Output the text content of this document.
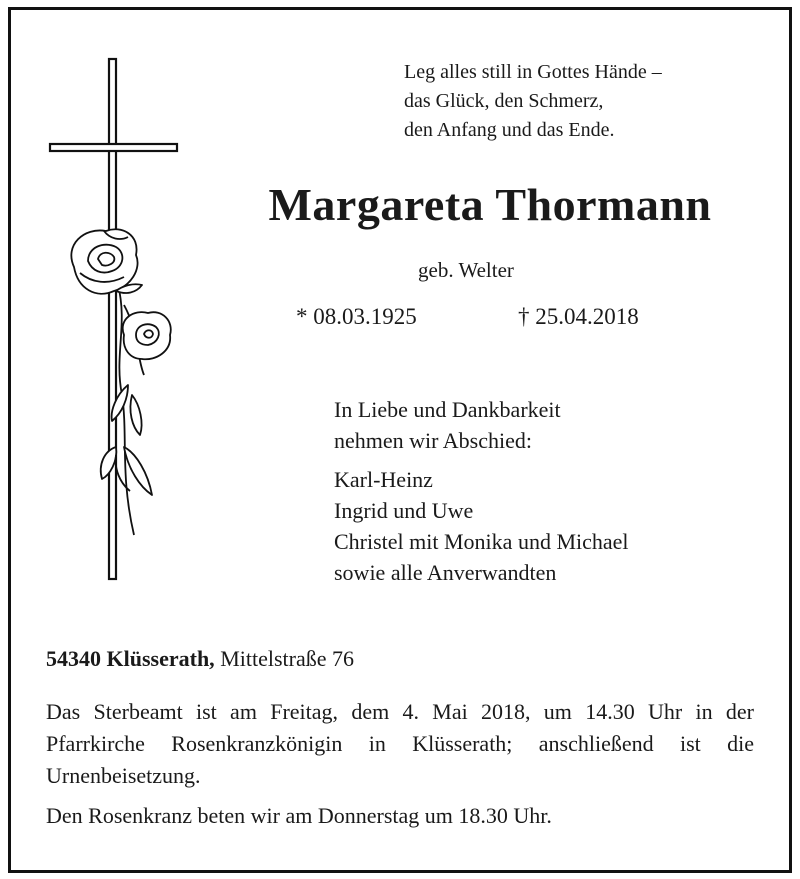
Leg alles still in Gottes Hände –
das Glück, den Schmerz,
den Anfang und das Ende.
Margareta Thormann
geb. Welter
* 08.03.1925	† 25.04.2018
In Liebe und Dankbarkeit
nehmen wir Abschied:
Karl-Heinz
Ingrid und Uwe
Christel mit Monika und Michael
sowie alle Anverwandten
54340 Klüsserath, Mittelstraße 76

Das Sterbeamt ist am Freitag, dem 4. Mai 2018, um 14.30 Uhr in der Pfarrkirche Rosenkranzkönigin in Klüsserath; anschließend ist die Urnenbeisetzung.

Den Rosenkranz beten wir am Donnerstag um 18.30 Uhr.
